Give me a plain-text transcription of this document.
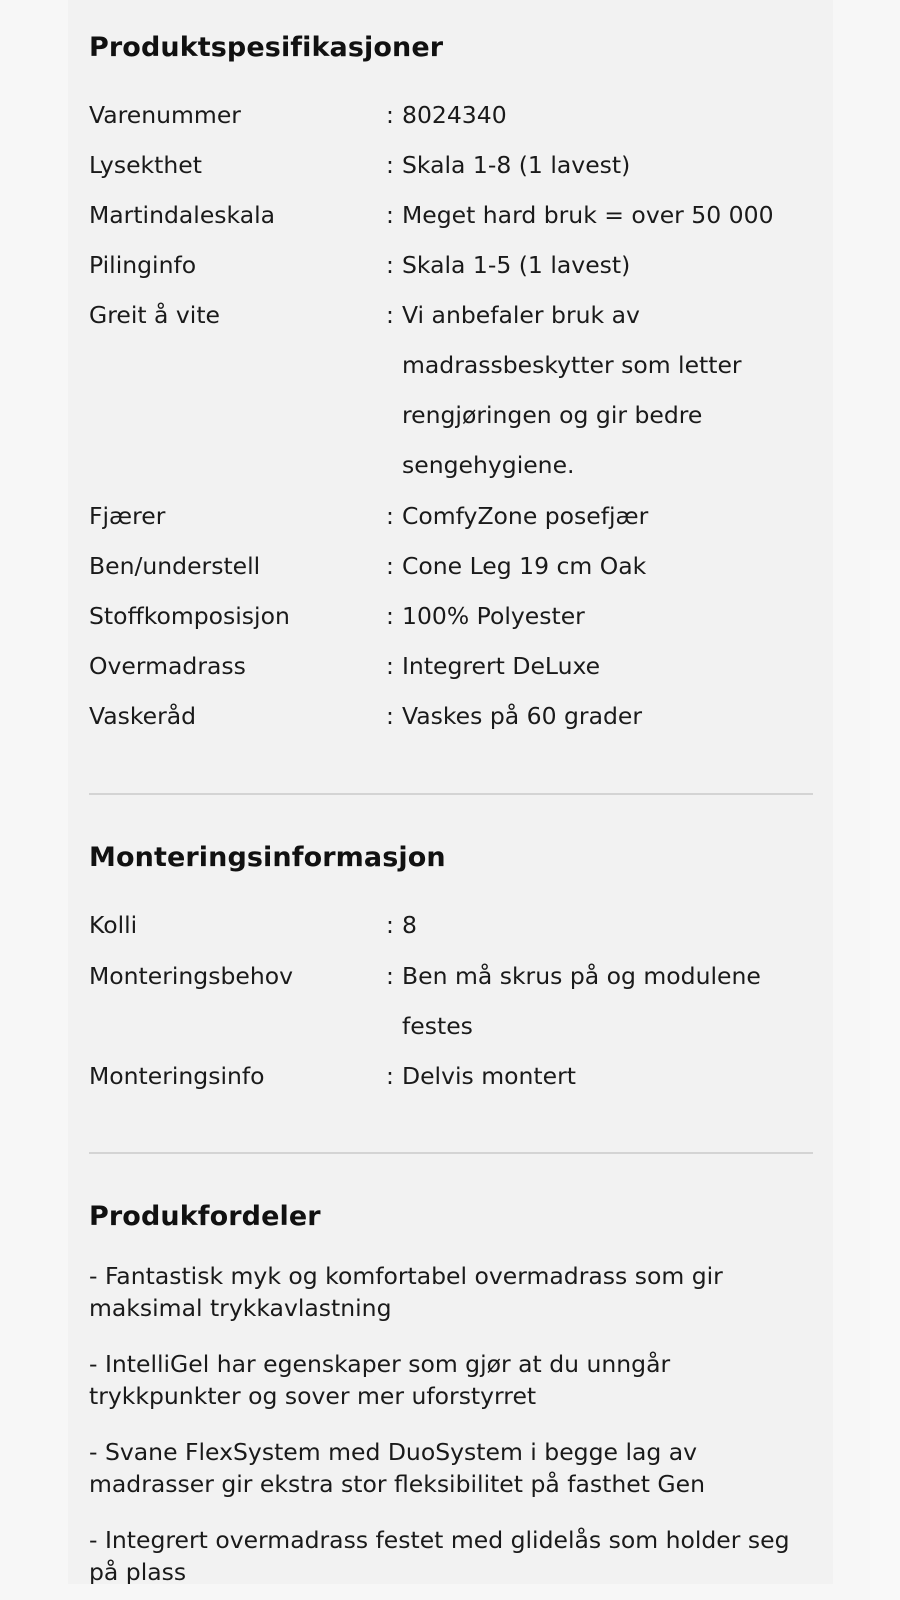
Produktspesifikasjoner
Varenummer	: 8024340
Lysekthet	: Skala 1-8 (1 lavest)
Martindaleskala	: Meget hard bruk = over 50 000
Pilinginfo	: Skala 1-5 (1 lavest)
Greit å vite	: Vi anbefaler bruk av madrassbeskytter som letter rengjøringen og gir bedre sengehygiene.
Fjærer	: ComfyZone posefjær
Ben/understell	: Cone Leg 19 cm Oak
Stoffkomposisjon	: 100% Polyester
Overmadrass	: Integrert DeLuxe
Vaskeråd	: Vaskes på 60 grader
Monteringsinformasjon
Kolli	: 8
Monteringsbehov	: Ben må skrus på og modulene festes
Monteringsinfo	: Delvis montert
Produkfordeler
- Fantastisk myk og komfortabel overmadrass som gir maksimal trykkavlastning
- IntelliGel har egenskaper som gjør at du unngår trykkpunkter og sover mer uforstyrret
- Svane FlexSystem med DuoSystem i begge lag av madrasser gir ekstra stor fleksibilitet på fasthet Gen
- Integrert overmadrass festet med glidelås som holder seg på plass
